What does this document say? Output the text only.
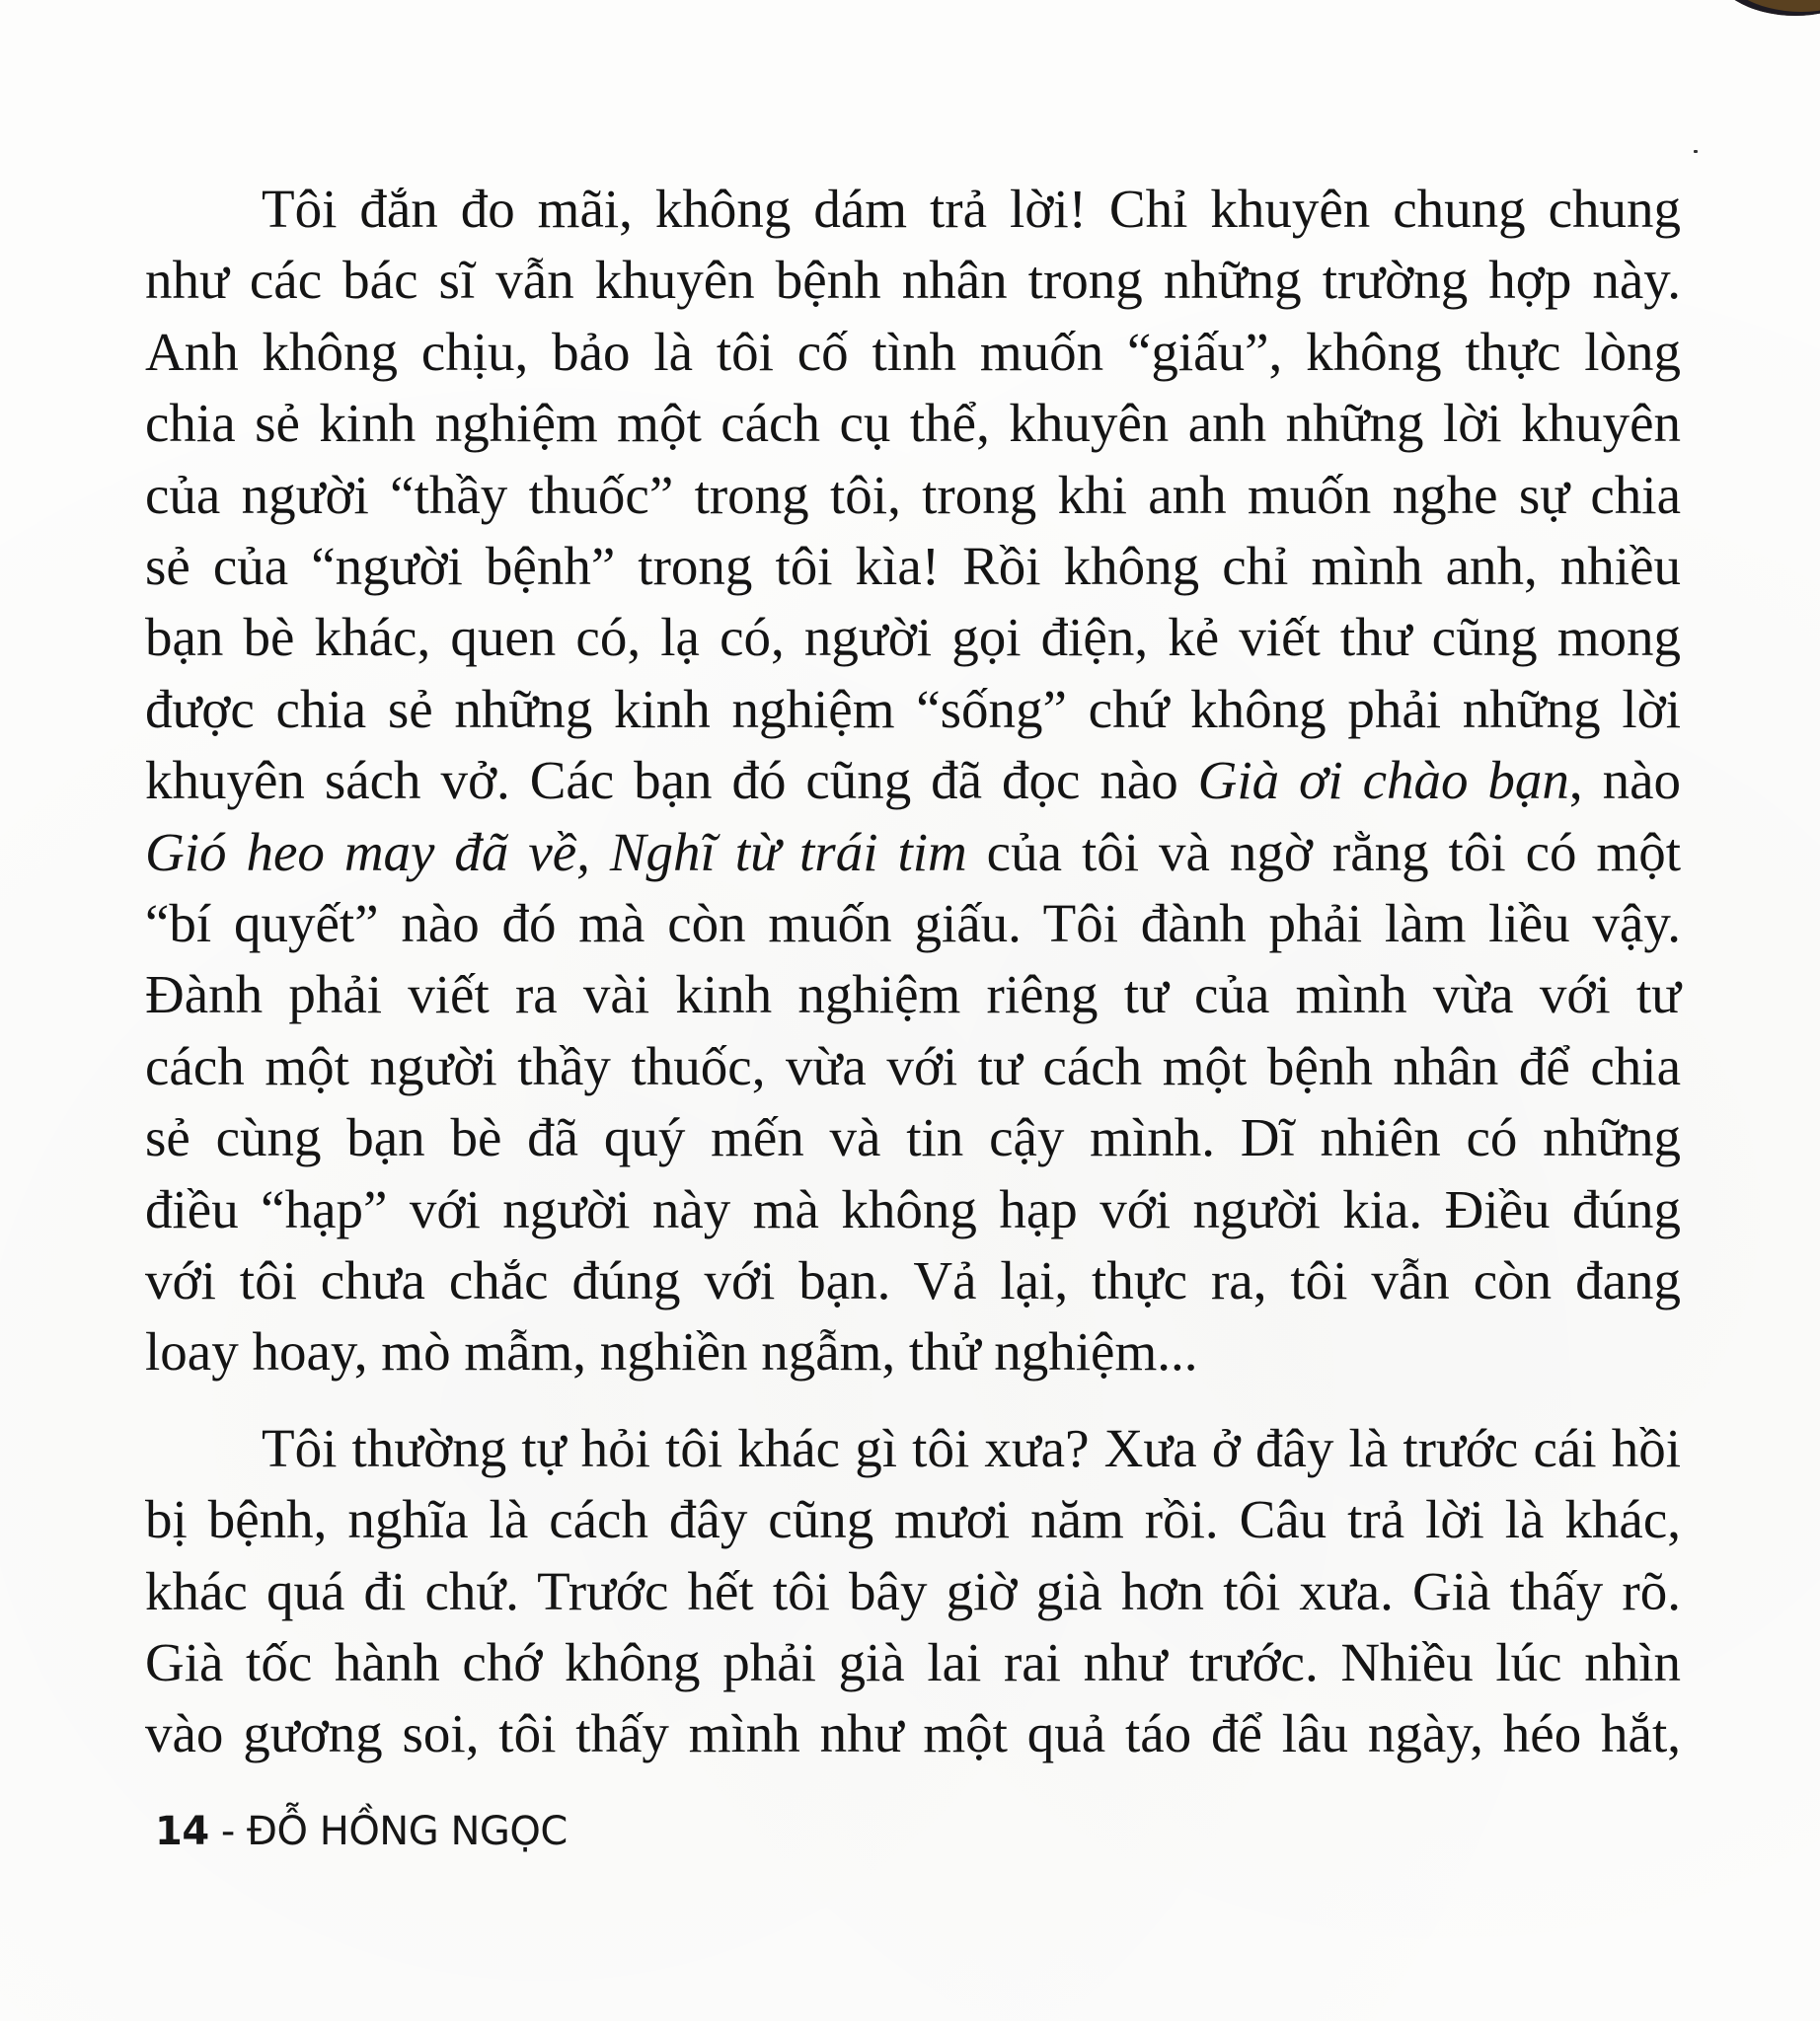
Tôi đắn đo mãi, không dám trả lời! Chỉ khuyên chung chung
như các bác sĩ vẫn khuyên bệnh nhân trong những trường hợp này.
Anh không chịu, bảo là tôi cố tình muốn “giấu”, không thực lòng
chia sẻ kinh nghiệm một cách cụ thể, khuyên anh những lời khuyên
của người “thầy thuốc” trong tôi, trong khi anh muốn nghe sự chia
sẻ của “người bệnh” trong tôi kìa! Rồi không chỉ mình anh, nhiều
bạn bè khác, quen có, lạ có, người gọi điện, kẻ viết thư cũng mong
được chia sẻ những kinh nghiệm “sống” chứ không phải những lời
khuyên sách vở. Các bạn đó cũng đã đọc nào Già ơi chào bạn, nào
Gió heo may đã về, Nghĩ từ trái tim của tôi và ngờ rằng tôi có một
“bí quyết” nào đó mà còn muốn giấu. Tôi đành phải làm liều vậy.
Đành phải viết ra vài kinh nghiệm riêng tư của mình vừa với tư
cách một người thầy thuốc, vừa với tư cách một bệnh nhân để chia
sẻ cùng bạn bè đã quý mến và tin cậy mình. Dĩ nhiên có những
điều “hạp” với người này mà không hạp với người kia. Điều đúng
với tôi chưa chắc đúng với bạn. Vả lại, thực ra, tôi vẫn còn đang
loay hoay, mò mẫm, nghiền ngẫm, thử nghiệm...
Tôi thường tự hỏi tôi khác gì tôi xưa? Xưa ở đây là trước cái hồi
bị bệnh, nghĩa là cách đây cũng mươi năm rồi. Câu trả lời là khác,
khác quá đi chứ. Trước hết tôi bây giờ già hơn tôi xưa. Già thấy rõ.
Già tốc hành chớ không phải già lai rai như trước. Nhiều lúc nhìn
vào gương soi, tôi thấy mình như một quả táo để lâu ngày, héo hắt,
14 - ĐỖ HỒNG NGỌC
